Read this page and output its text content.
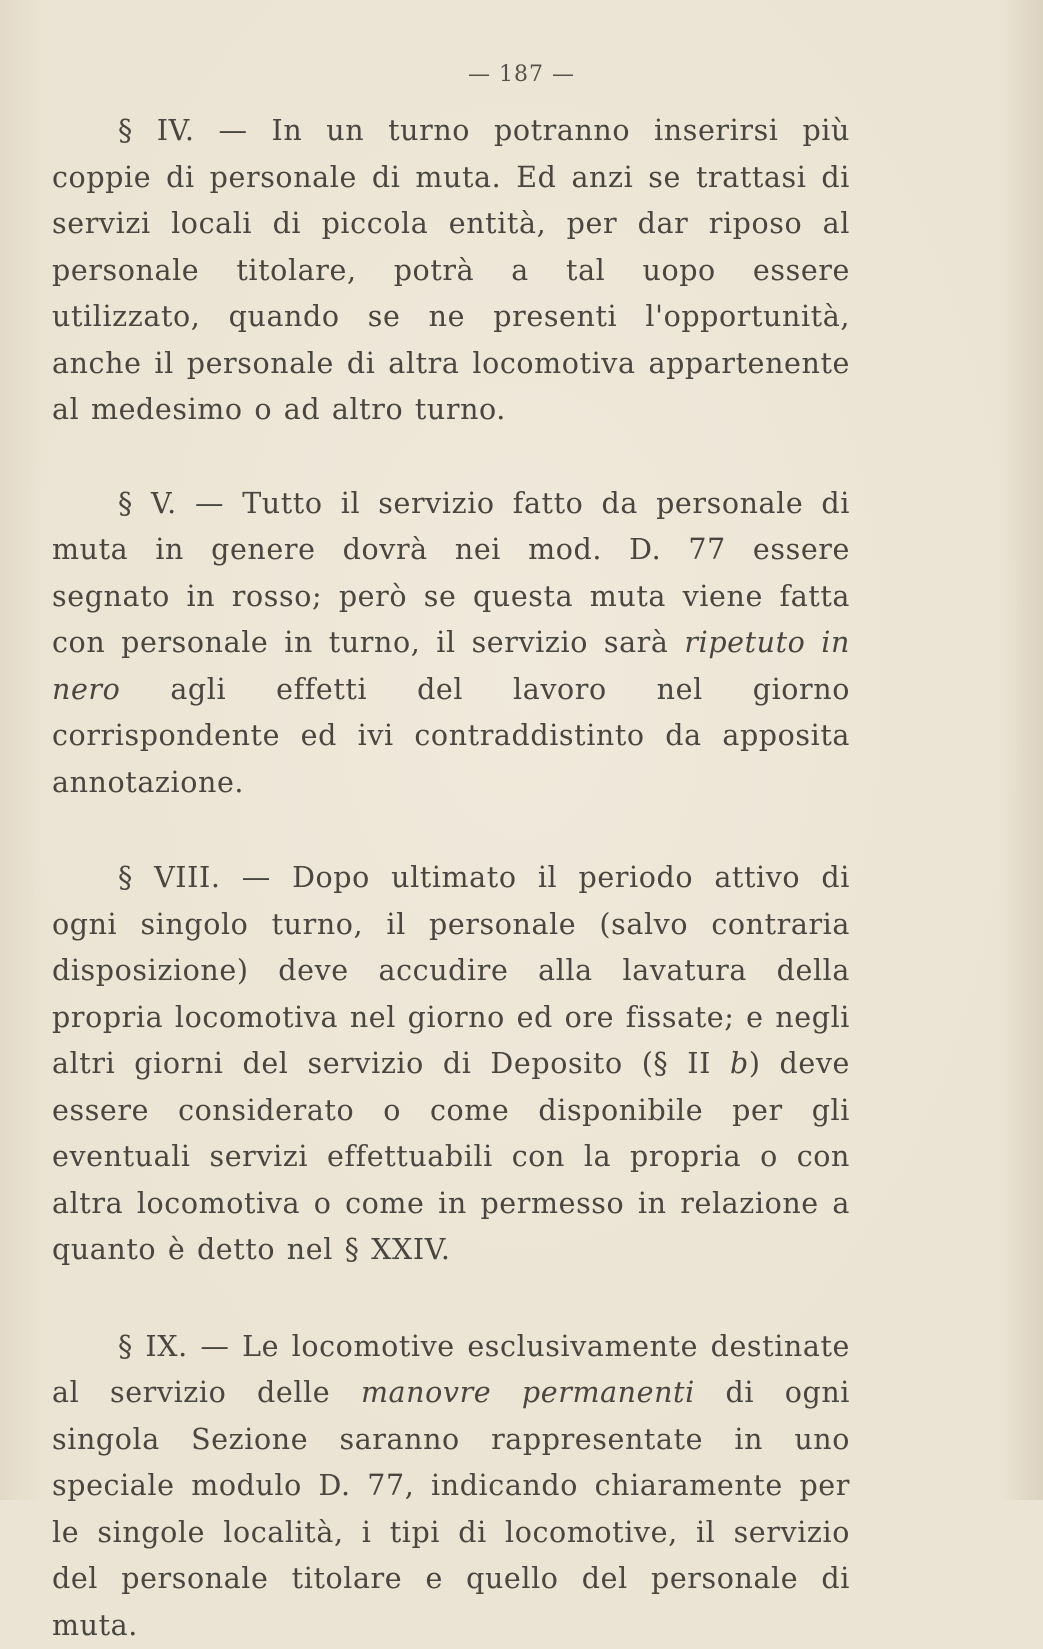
— 187 —

§ IV. — In un turno potranno inserirsi più coppie di personale di muta. Ed anzi se trattasi di servizi locali di piccola entità, per dar riposo al personale titolare, potrà a tal uopo essere utilizzato, quando se ne presenti l'opportunità, anche il personale di altra locomotiva appartenente al medesimo o ad altro turno.

§ V. — Tutto il servizio fatto da personale di muta in genere dovrà nei mod. D. 77 essere segnato in rosso; però se questa muta viene fatta con personale in turno, il servizio sarà ripetuto in nero agli effetti del lavoro nel giorno corrispondente ed ivi contraddistinto da apposita annotazione.

§ VIII. — Dopo ultimato il periodo attivo di ogni singolo turno, il personale (salvo contraria disposizione) deve accudire alla lavatura della propria locomotiva nel giorno ed ore fissate; e negli altri giorni del servizio di Deposito (§ II b) deve essere considerato o come disponibile per gli eventuali servizi effettuabili con la propria o con altra locomotiva o come in permesso in relazione a quanto è detto nel § XXIV.

§ IX. — Le locomotive esclusivamente destinate al servizio delle manovre permanenti di ogni singola Sezione saranno rappresentate in uno speciale modulo D. 77, indicando chiaramente per le singole località, i tipi di locomotive, il servizio del personale titolare e quello del personale di muta.
